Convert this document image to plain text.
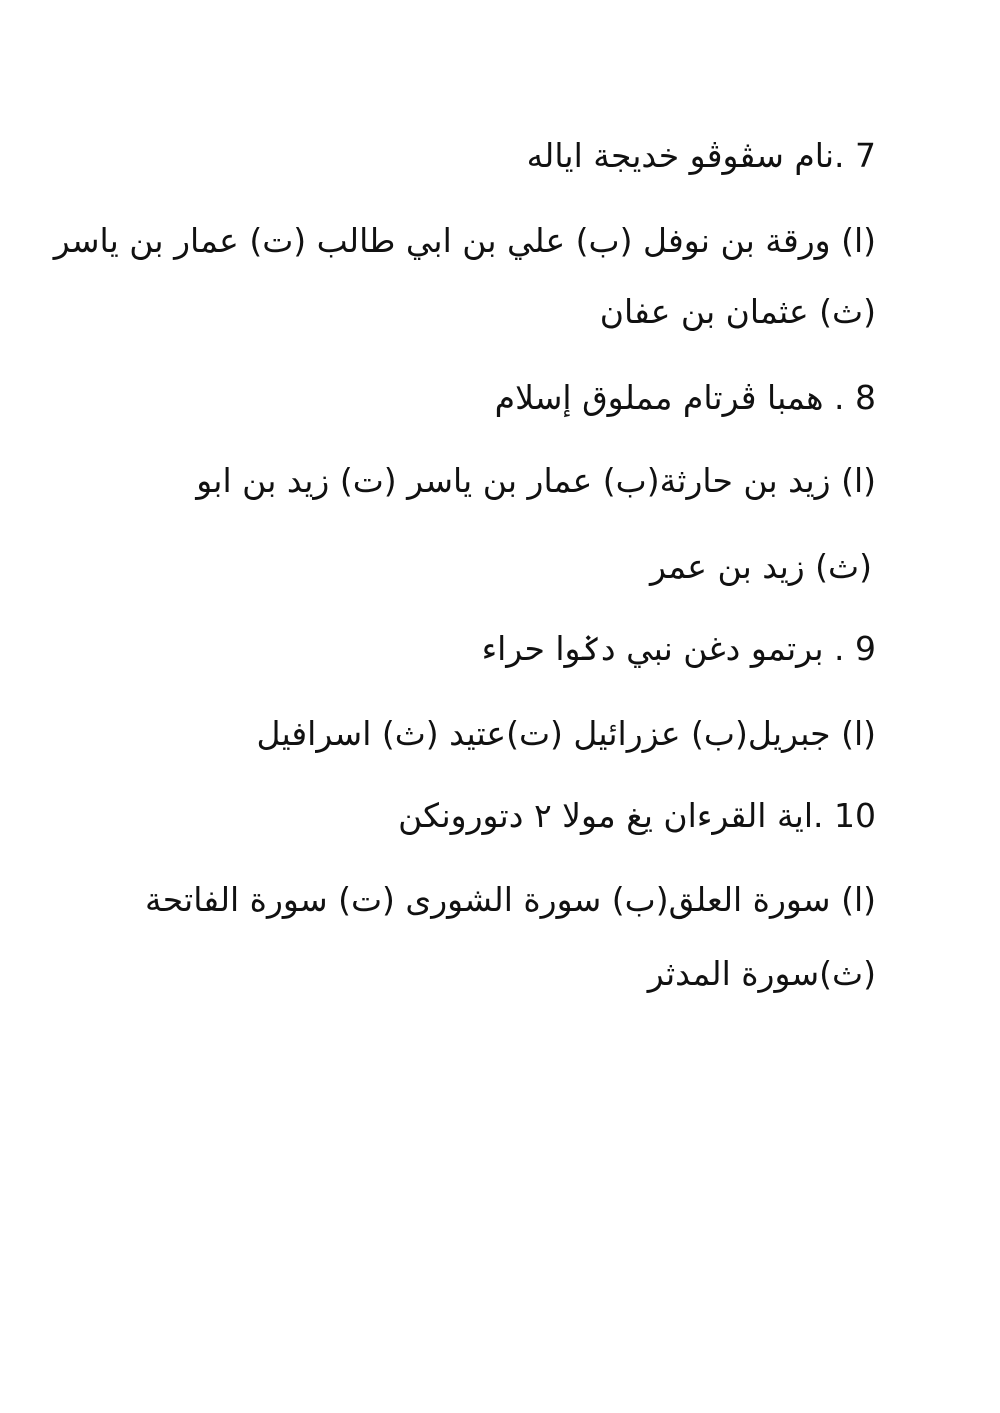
7 .نام سڤوڤو خديجة اياله
(ا) ورقة بن نوفل (ب) علي بن ابي طالب (ت) عمار بن ياسر
(ث) عثمان بن عفان
8 . همبا ڤرتام مملوق إسلام
(ا) زيد بن حارثة(ب) عمار بن ياسر (ت) زيد بن ابو
(ث) زيد بن عمر
9 . برتمو دغن نبي دݢوا حراء
(ا) جبريل(ب) عزرائيل (ت)عتيد (ث) اسرافيل
10 .اية القرءان يغ مولا ٢ دتورونكن
(ا) سورة العلق(ب) سورة الشورى (ت) سورة الفاتحة
(ث)سورة المدثر
